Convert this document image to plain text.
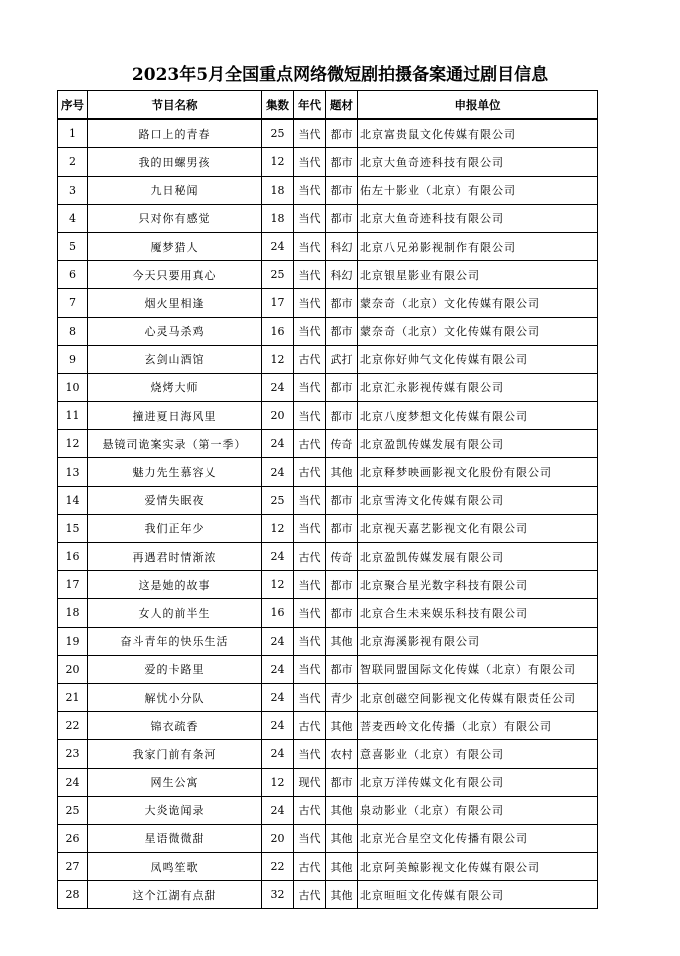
2023年5月全国重点网络微短剧拍摄备案通过剧目信息
序号	节目名称	集数	年代	题材	申报单位
1	路口上的青春	25	当代	都市	北京富贵鼠文化传媒有限公司
2	我的田螺男孩	12	当代	都市	北京大鱼奇迹科技有限公司
3	九日秘闻	18	当代	都市	佑左十影业（北京）有限公司
4	只对你有感觉	18	当代	都市	北京大鱼奇迹科技有限公司
5	魇梦猎人	24	当代	科幻	北京八兄弟影视制作有限公司
6	今天只要用真心	25	当代	科幻	北京银星影业有限公司
7	烟火里相逢	17	当代	都市	蒙奈奇（北京）文化传媒有限公司
8	心灵马杀鸡	16	当代	都市	蒙奈奇（北京）文化传媒有限公司
9	玄剑山酒馆	12	古代	武打	北京你好帅气文化传媒有限公司
10	烧烤大师	24	当代	都市	北京汇永影视传媒有限公司
11	撞进夏日海风里	20	当代	都市	北京八度梦想文化传媒有限公司
12	悬镜司诡案实录（第一季）	24	古代	传奇	北京盈凯传媒发展有限公司
13	魅力先生慕容乂	24	古代	其他	北京释梦映画影视文化股份有限公司
14	爱情失眠夜	25	当代	都市	北京雪涛文化传媒有限公司
15	我们正年少	12	当代	都市	北京视天嘉艺影视文化有限公司
16	再遇君时情渐浓	24	古代	传奇	北京盈凯传媒发展有限公司
17	这是她的故事	12	当代	都市	北京聚合星光数字科技有限公司
18	女人的前半生	16	当代	都市	北京合生未来娱乐科技有限公司
19	奋斗青年的快乐生活	24	当代	其他	北京海溪影视有限公司
20	爱的卡路里	24	当代	都市	智联同盟国际文化传媒（北京）有限公司
21	解忧小分队	24	当代	青少	北京创磁空间影视文化传媒有限责任公司
22	锦衣疏香	24	古代	其他	菩麦西岭文化传播（北京）有限公司
23	我家门前有条河	24	当代	农村	意喜影业（北京）有限公司
24	网生公寓	12	现代	都市	北京万洋传媒文化有限公司
25	大炎诡闻录	24	古代	其他	泉动影业（北京）有限公司
26	星语微微甜	20	当代	其他	北京光合星空文化传播有限公司
27	凤鸣笙歌	22	古代	其他	北京阿美鲸影视文化传媒有限公司
28	这个江湖有点甜	32	古代	其他	北京晅晅文化传媒有限公司
